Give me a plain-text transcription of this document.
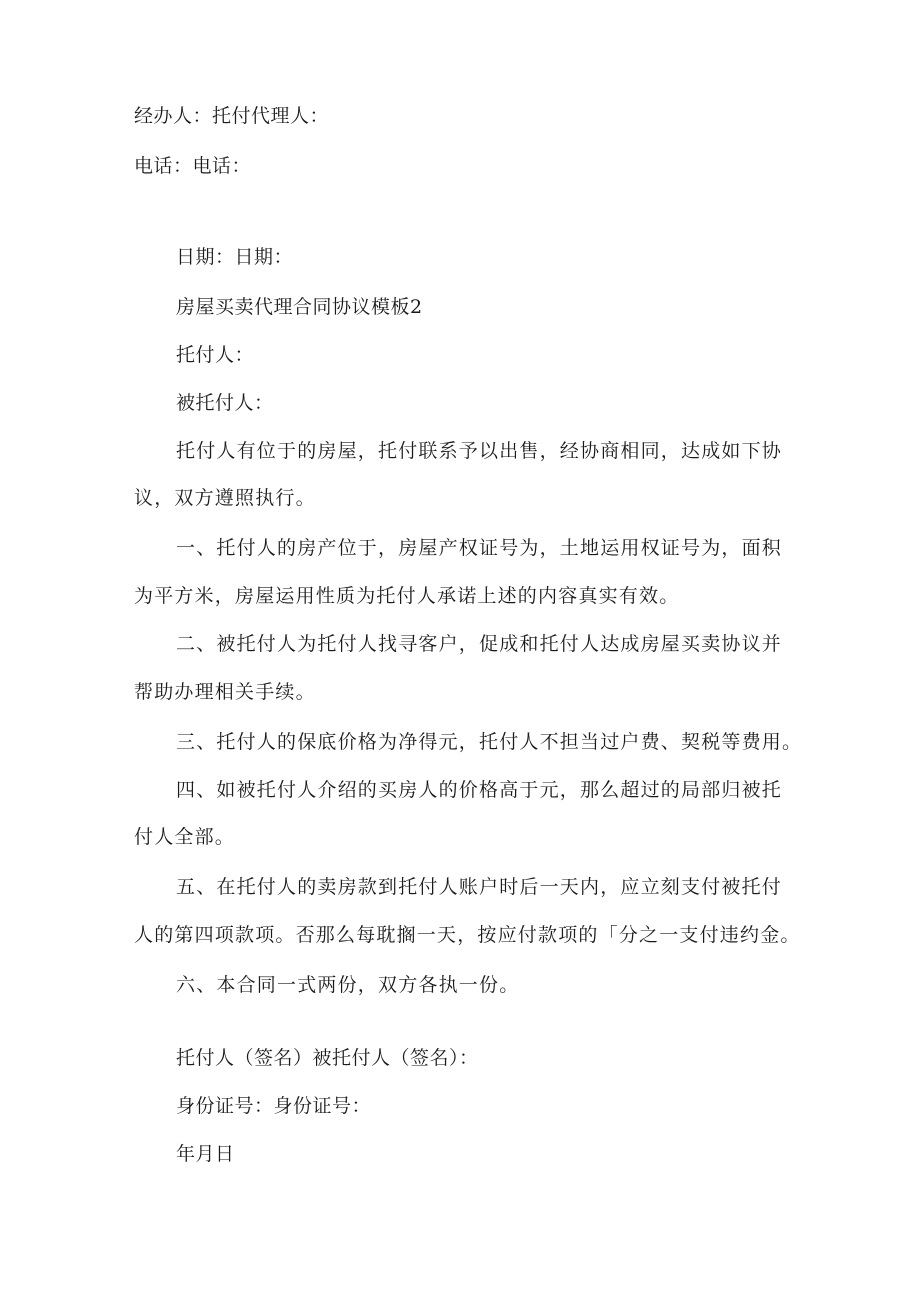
经办人：托付代理人：
电话：电话：
日期：日期：
房屋买卖代理合同协议模板2
托付人：
被托付人：
托付人有位于的房屋，托付联系予以出售，经协商相同，达成如下协
议，双方遵照执行。
一、托付人的房产位于，房屋产权证号为，土地运用权证号为，面积
为平方米，房屋运用性质为托付人承诺上述的内容真实有效。
二、被托付人为托付人找寻客户，促成和托付人达成房屋买卖协议并
帮助办理相关手续。
三、托付人的保底价格为净得元，托付人不担当过户费、契税等费用。
四、如被托付人介绍的买房人的价格高于元，那么超过的局部归被托
付人全部。
五、在托付人的卖房款到托付人账户时后一天内，应立刻支付被托付
人的第四项款项。否那么每耽搁一天，按应付款项的「分之一支付违约金。
六、本合同一式两份，双方各执一份。
托付人（签名）被托付人（签名）：
身份证号：身份证号：
年月日
